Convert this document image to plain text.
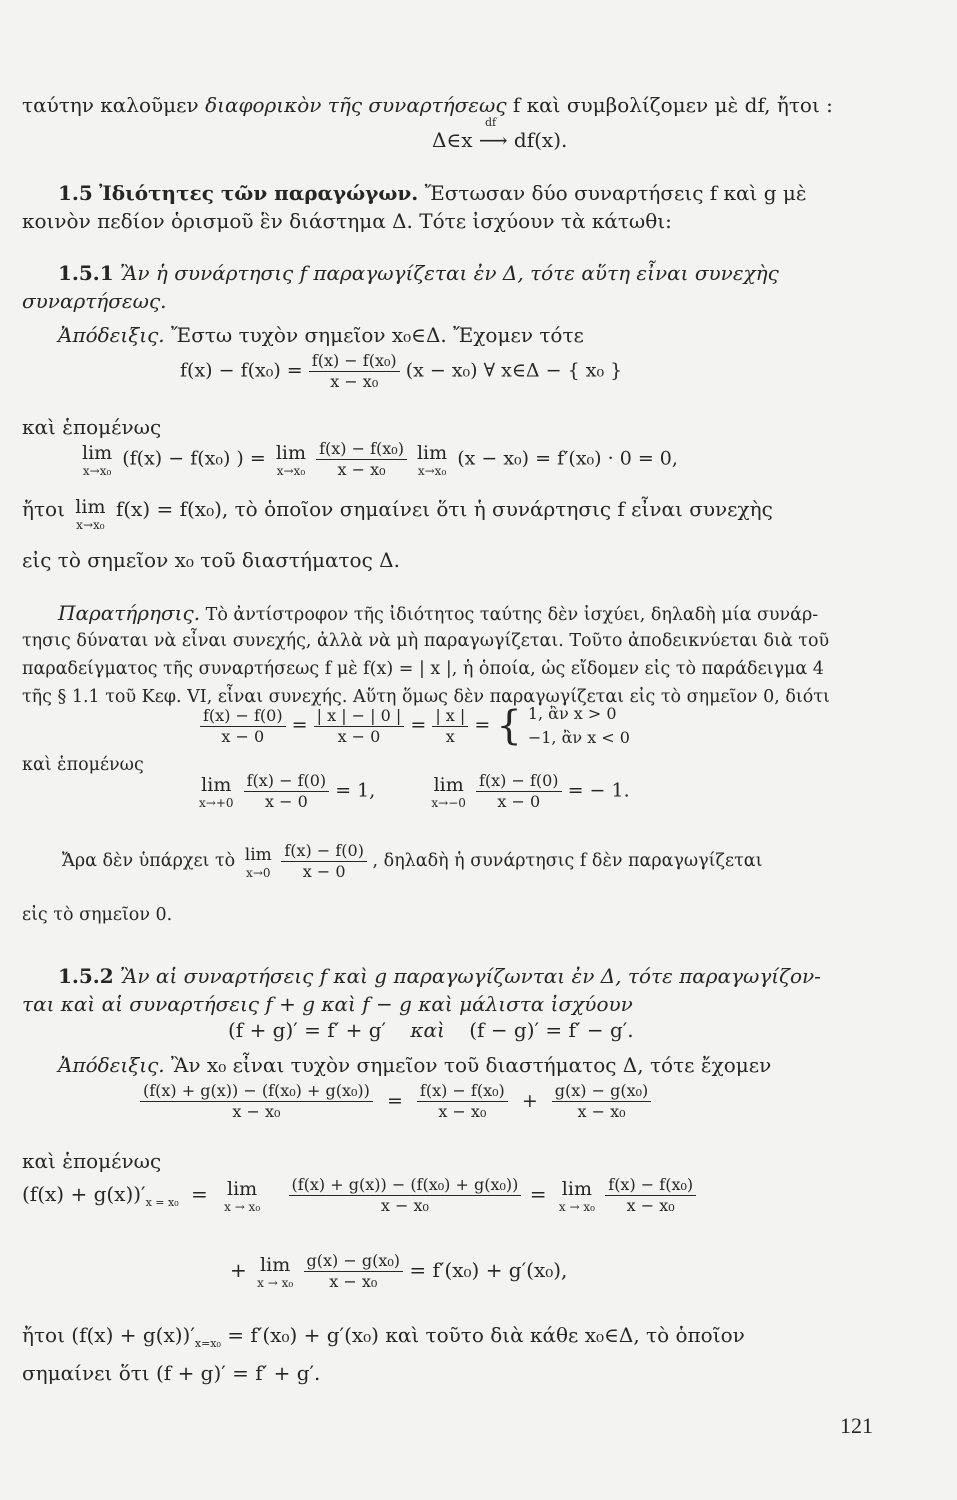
ταύτην καλοῦμεν διαφορικὸν τῆς συναρτήσεως f καὶ συμβολίζομεν μὲ df, ἤτοι :
df
Δ∈x ⟶ df(x).
1.5 Ἰδιότητες τῶν παραγώγων. Ἔστωσαν δύο συναρτήσεις f καὶ g μὲ
κοινὸν πεδίον ὁρισμοῦ ἓν διάστημα Δ. Τότε ἰσχύουν τὰ κάτωθι:
1.5.1 Ἂν ἡ συνάρτησις f παραγωγίζεται ἐν Δ, τότε αὕτη εἶναι συνεχὴς
συναρτήσεως.
Ἀπόδειξις. Ἔστω τυχὸν σημεῖον x₀∈Δ. Ἔχομεν τότε
$f(x) - f(x_0) = \frac{\text{f(x) − f(x₀)}}{\text{x − x₀}} (x - x_0)$ ∀ x∈Δ − { x₀ }
καὶ ἑπομένως
lim
x→x₀
(f(x) − f(x₀) ) = lim
x→x₀
$\frac{\text{f(x) − f(x₀)}}{\text{x − x₀}}$ lim
x→x₀
(x − x₀) = f′(x₀) · 0 = 0,
ἤτοι lim
x→x₀
f(x) = f(x₀), τὸ ὁποῖον σημαίνει ὅτι ἡ συνάρτησις f εἶναι συνεχὴς
εἰς τὸ σημεῖον x₀ τοῦ διαστήματος Δ.
Παρατήρησις. Τὸ ἀντίστροφον τῆς ἰδιότητος ταύτης δὲν ἰσχύει, δηλαδὴ μία συνάρ-
τησις δύναται νὰ εἶναι συνεχής, ἀλλὰ νὰ μὴ παραγωγίζεται. Τοῦτο ἀποδεικνύεται διὰ τοῦ
παραδείγματος τῆς συναρτήσεως f μὲ f(x) = | x |, ἡ ὁποία, ὡς εἴδομεν εἰς τὸ παράδειγμα 4
τῆς § 1.1 τοῦ Κεφ. VI, εἶναι συνεχής. Αὕτη ὅμως δὲν παραγωγίζεται εἰς τὸ σημεῖον 0, διότι
$\frac{f(x) - f(0)}{x - 0} = \frac{| x | - | 0 |}{x - 0} = \frac{| x |}{x}$ = { 1, ἂν x > 0
−1, ἂν x < 0
καὶ ἑπομένως
lim
x→+0
$\frac{f(x) - f(0)}{x - 0} = 1$,	lim
x→−0
$\frac{f(x) - f(0)}{x - 0}$ = − 1.
Ἄρα δὲν ὑπάρχει τὸ lim
x→0
$\frac{f(x) - f(0)}{x - 0}$ , δηλαδὴ ἡ συνάρτησις f δὲν παραγωγίζεται
εἰς τὸ σημεῖον 0.
1.5.2 Ἂν αἱ συναρτήσεις f καὶ g παραγωγίζωνται ἐν Δ, τότε παραγωγίζον-
ται καὶ αἱ συναρτήσεις f + g καὶ f − g καὶ μάλιστα ἰσχύουν
(f + g)′ = f′ + g′ καὶ (f − g)′ = f′ − g′.
Ἀπόδειξις. Ἂν x₀ εἶναι τυχὸν σημεῖον τοῦ διαστήματος Δ, τότε ἔχομεν
$\frac{\text{(f(x) + g(x)) − (f(x₀) + g(x₀))}}{\text{x − x₀}} = \frac{\text{f(x) − f(x₀)}}{\text{x − x₀}} + \frac{\text{g(x) − g(x₀)}}{\text{x − x₀}}$
καὶ ἑπομένως
$(f(x) + g(x))'_{x = x_0} = \lim$
x → x₀
$\frac{\text{(f(x) + g(x)) − (f(x₀) + g(x₀))}}{\text{x − x₀}} = \lim$
x → x₀
$\frac{\text{f(x) − f(x₀)}}{\text{x − x₀}}$
+ lim
x → x₀
$\frac{\text{g(x) − g(x₀)}}{\text{x − x₀}} = f'(x_0) + g'(x_0)$,
ἤτοι $(f(x) + g(x))'_{x=x_0} = f'(x_0) + g'(x_0)$ καὶ τοῦτο διὰ κάθε x₀∈Δ, τὸ ὁποῖον
σημαίνει ὅτι (f + g)′ = f′ + g′.
121
